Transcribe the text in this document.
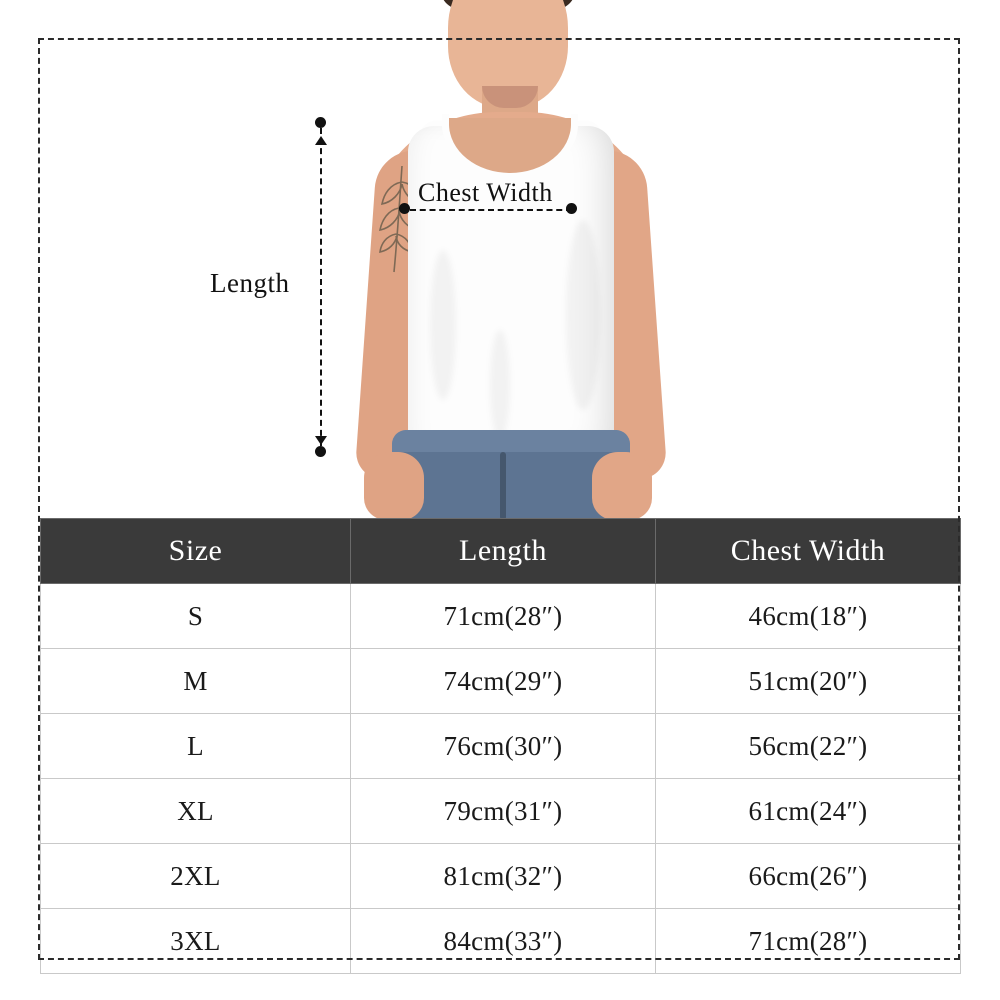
Length
Chest Width
Size	Length	Chest Width
S	71cm(28″)	46cm(18″)
M	74cm(29″)	51cm(20″)
L	76cm(30″)	56cm(22″)
XL	79cm(31″)	61cm(24″)
2XL	81cm(32″)	66cm(26″)
3XL	84cm(33″)	71cm(28″)
